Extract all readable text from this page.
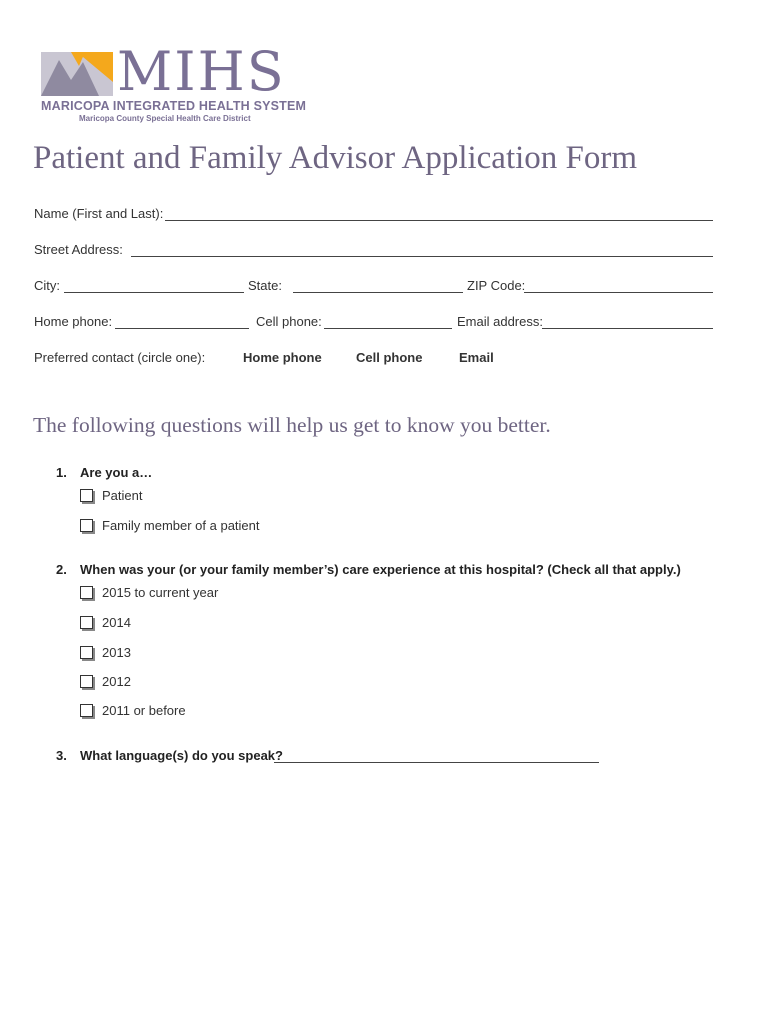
MIHS
MARICOPA INTEGRATED HEALTH SYSTEM
Maricopa County Special Health Care District
Patient and Family Advisor Application Form
Name (First and Last):
Street Address:
City:	State:	ZIP Code:
Home phone:	Cell phone:	Email address:
Preferred contact (circle one):	Home phone	Cell phone	Email
The following questions will help us get to know you better.
1. Are you a…
Patient
Family member of a patient
2. When was your (or your family member’s) care experience at this hospital? (Check all that apply.)
2015 to current year
2014
2013
2012
2011 or before
3. What language(s) do you speak?
